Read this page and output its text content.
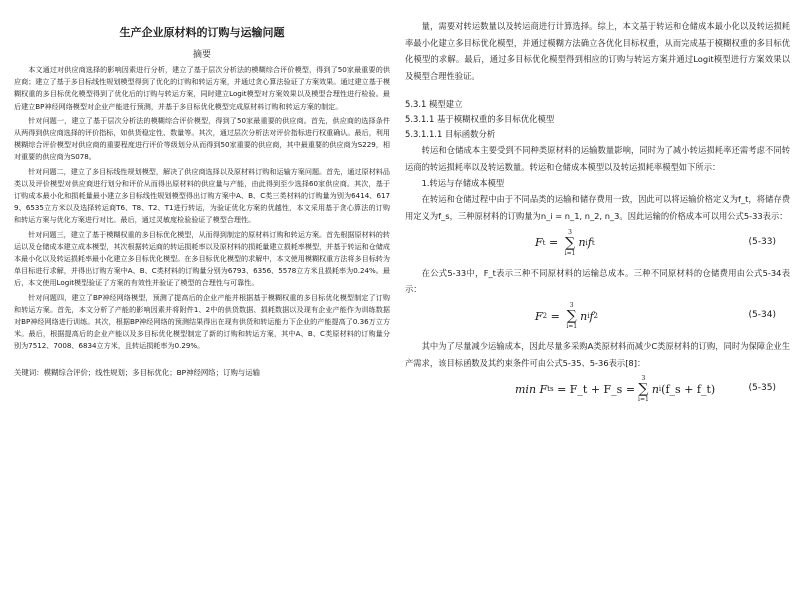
生产企业原材料的订购与运输问题
摘要

本文通过对供应商选择的影响因素进行分析，建立了基于层次分析法的模糊综合评价模型，得到了50家最重要的供应商；建立了基于多目标线性规划模型得到了优化的订购和转运方案，并通过贪心算法验证了方案效果。通过建立基于模糊权重的多目标优化模型得到了优化后的订购与转运方案，同时建立Logit模型对方案效果以及模型合理性进行检验。最后建立BP神经网络模型对企业产能进行预测，并基于多目标优化模型完成原材料订购和转运方案的制定。

针对问题一，建立了基于层次分析法的模糊综合评价模型，得到了50家最重要的供应商。首先，供应商的选择条件从两得到供应商选择的评价指标，如供货稳定性、数量等。其次，通过层次分析法对评价指标进行权重确认。最后，利用模糊综合评价模型对供应商的重要程度进行评价等级划分从而得到50家重要的供应商，其中最重要的供应商为S229，相对重要的供应商为S078。

针对问题二，建立了多目标线性规划模型，解决了供应商选择以及原材料订购和运输方案问题。首先，通过原材料品类以及评价模型对供应商进行划分和评价从而得出原材料的供应量与产能，由此得到至少选择60家供应商。其次，基于订购成本最小化和损耗量最小建立多目标线性规划模型得出订购方案中A、B、C类三类材料的订购量为别为6414、6179、6535立方米以及选择转运商T6、T8、T2、T1进行转运，为验证优化方案的优越性，本文采用基于贪心算法的订购和转运方案与优化方案进行对比。最后，通过灵敏度检验验证了模型合理性。

针对问题三，建立了基于模糊权重的多目标优化模型，从而得到制定的原材料订购和转运方案。首先根据原材料的转运以及仓储成本建立成本模型，其次根据转运商的转运损耗率以及原材料的损耗量建立损耗率模型，并基于转运和仓储成本最小化以及转运损耗率最小化建立多目标优化模型。在多目标优化模型的求解中，本文使用模糊权重方法将多目标转为单目标进行求解，并得出订购方案中A、B、C类材料的订购量分别为6793、6356、5578立方米且损耗率为0.24%。最后，本文使用Logit模型验证了方案的有效性并验证了模型的合理性与可靠性。

针对问题四，建立了BP神经网络模型，预测了提高后的企业产能并根据基于模糊权重的多目标优化模型制定了订购和转运方案。首先，本文分析了产能的影响因素并将附件1、2中的供货数据、损耗数据以及现有企业产能作为训练数据对BP神经网络进行训练。其次，根据BP神经网络的预测结果得出在现有供货和转运能力下企业的产能提高了0.36万立方米。最后，根据提高后的企业产能以及多目标优化模型制定了新的订购和转运方案，其中A、B、C类原材料的订购量分别为7512、7008、6834立方米，且转运损耗率为0.29%。

关键词：模糊综合评价；线性规划；多目标优化；BP神经网络；订购与运输

量，需要对转运数量以及转运商进行计算选择。综上，本文基于转运和仓储成本最小化以及转运损耗率最小化建立多目标优化模型，并通过模糊方法确立各优化目标权重，从而完成基于模糊权重的多目标优化模型的求解。最后，通过多目标优化模型得到相应的订购与转运方案并通过Logit模型进行方案效果以及模型合理性验证。

5.3.1 模型建立

5.3.1.1 基于模糊权重的多目标优化模型

5.3.1.1.1 目标函数分析

转运和仓储成本主要受到不同种类原材料的运输数量影响，同时为了减小转运损耗率还需考虑不同转运商的转运损耗率以及转运数量。转运和仓储成本模型以及转运损耗率模型如下所示：

1.转运与存储成本模型

在转运和仓储过程中由于不同品类的运输和储存费用一致，因此可以将运输价格定义为f_t，将储存费用定义为f_s，三种原材料的订购量为n_i = n_1, n_2, n_3。因此运输的价格成本可以用公式5-33表示：

F t =
3
∑
i=1
n i f t	(5-33)

在公式5-33中，F_t表示三种不同原材料的运输总成本。三种不同原材料的仓储费用由公式5-34表示：

F 2 =
3
∑
i=1
n i f 2	(5-34)

其中为了尽量减少运输成本，因此尽量多采购A类原材料而减少C类原材料的订购，同时为保障企业生产需求，该目标函数及其约束条件可由公式5-35、5-36表示[8]：

min F ts
= F_t + F_s =
3
∑
i=1
n i (f_s + f_t)	(5-35)
